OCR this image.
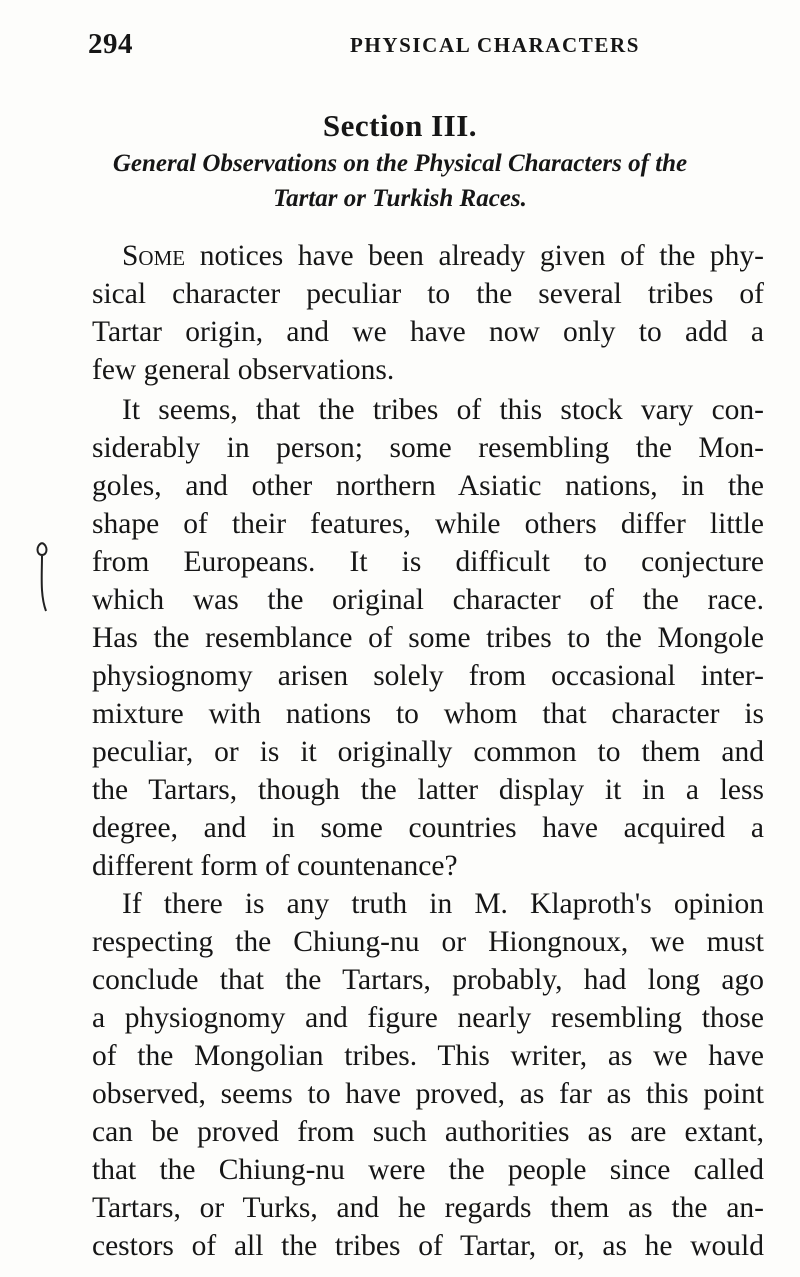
294	PHYSICAL CHARACTERS
Section III.
General Observations on the Physical Characters of the
Tartar or Turkish Races.
Some notices have been already given of the phy-
sical character peculiar to the several tribes of
Tartar origin, and we have now only to add a
few general observations.
It seems, that the tribes of this stock vary con-
siderably in person; some resembling the Mon-
goles, and other northern Asiatic nations, in the
shape of their features, while others differ little
from Europeans. It is difficult to conjecture
which was the original character of the race.
Has the resemblance of some tribes to the Mongole
physiognomy arisen solely from occasional inter-
mixture with nations to whom that character is
peculiar, or is it originally common to them and
the Tartars, though the latter display it in a less
degree, and in some countries have acquired a
different form of countenance?
If there is any truth in M. Klaproth's opinion
respecting the Chiung-nu or Hiongnoux, we must
conclude that the Tartars, probably, had long ago
a physiognomy and figure nearly resembling those
of the Mongolian tribes. This writer, as we have
observed, seems to have proved, as far as this point
can be proved from such authorities as are extant,
that the Chiung-nu were the people since called
Tartars, or Turks, and he regards them as the an-
cestors of all the tribes of Tartar, or, as he would
